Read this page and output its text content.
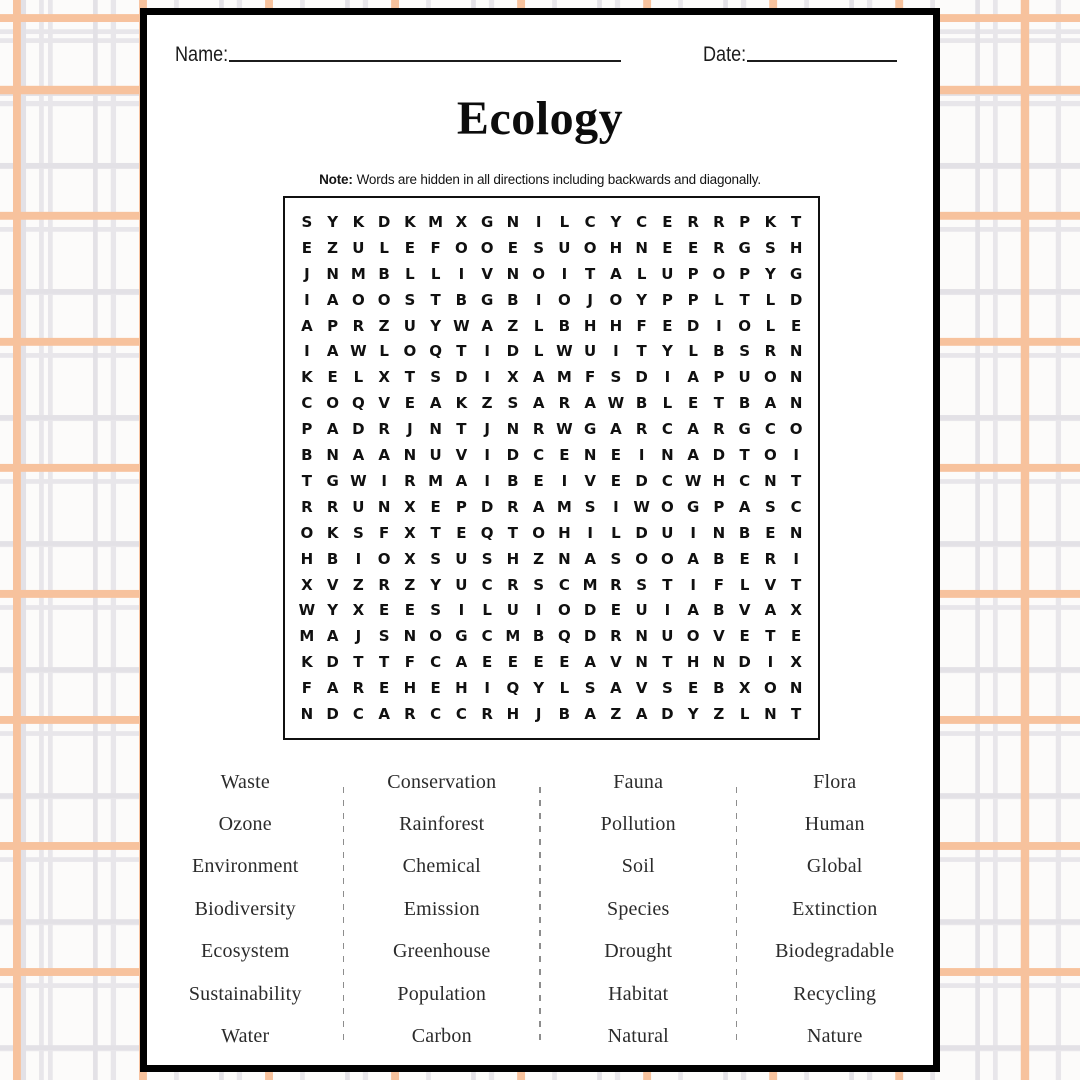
Name:	Date:
Ecology

Note: Words are hidden in all directions including backwards and diagonally.

S Y K D K M X G N	I	L	C Y C	E R R P K T
E	Z U L	E	F O O E	S U O H N E	E R G S H
J	N M B	L	L	I	V N O	I	T A	L U P O P Y G
I	A O O S	T B G B	I	O	J	O Y P P	L	T	L D
A P R Z U Y W A Z	L	B H H F	E D	I	O L	E
I	A W L O Q T	I	D L W U	I	T	Y	L	B S R N
K E	L	X T	S D	I	X A M F	S D	I	A P U O N
C O Q V E A K Z S A R A W B	L	E	T B A N
P A D R	J	N T	J	N R W G A R C A R G C O
B N A A N U V	I	D C	E N E	I	N A D T O	I
T G W I	R M A	I	B E	I	V E D C W H C N T
R R U N X E	P D R A M S	I W O G P A S C
O K S	F X T	E Q T O H	I	L D U	I	N B E N
H B	I	O X S U S H Z N A S O O A B E R	I
X V Z R Z Y U C R S C M R S	T	I	F	L	V T
W Y X E	E	S	I	L U	I	O D E U	I	A B V A X
M A	J	S N O G C M B Q D R N U O V E	T	E
K D T	T	F	C A E	E	E	E A V N T H N D	I	X
F A R E H E H	I	Q Y	L	S A V S	E B X O N
N D C A R C C R H	J	B A Z A D Y Z	L N T
Waste
Ozone
Environment
Biodiversity
Ecosystem
Sustainability
Water
Conservation
Rainforest
Chemical
Emission
Greenhouse
Population
Carbon
Fauna
Pollution
Soil
Species
Drought
Habitat
Natural
Flora
Human
Global
Extinction
Biodegradable
Recycling
Nature
